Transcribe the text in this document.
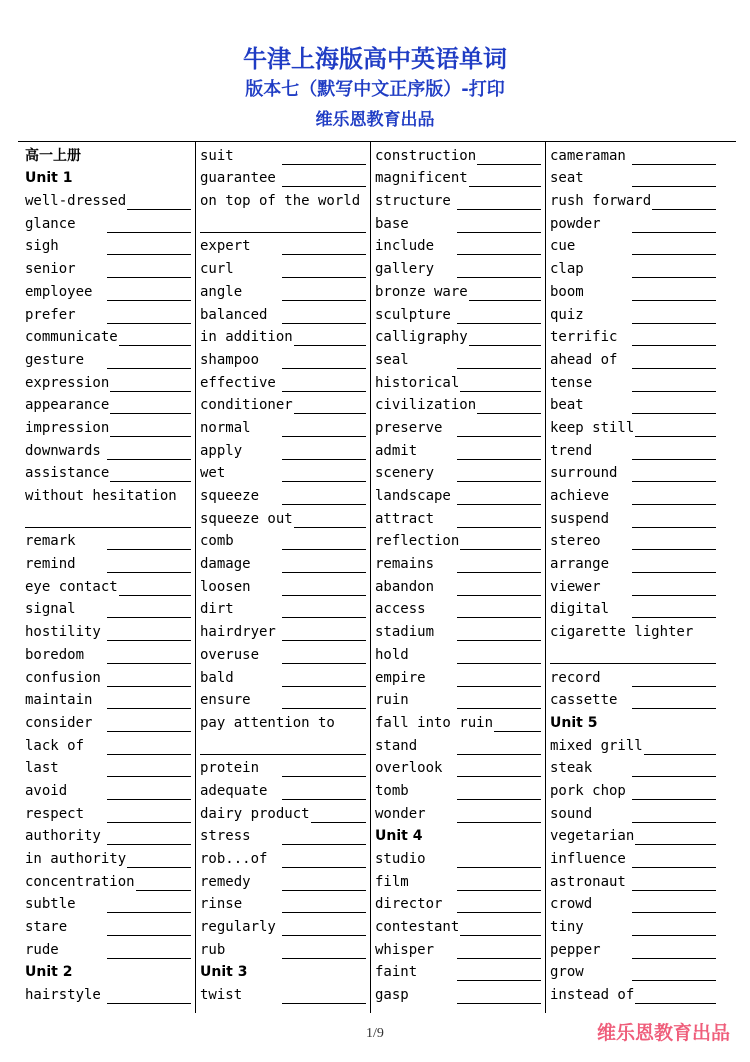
牛津上海版高中英语单词
版本七（默写中文正序版）-打印
维乐恩教育出品
高一上册
Unit 1
well-dressed
glance
sigh
senior
employee
prefer
communicate
gesture
expression
appearance
impression
downwards
assistance
without hesitation
remark
remind
eye contact
signal
hostility
boredom
confusion
maintain
consider
lack of
last
avoid
respect
authority
in authority
concentration
subtle
stare
rude
Unit 2
hairstyle
suit
guarantee
on top of the world
expert
curl
angle
balanced
in addition
shampoo
effective
conditioner
normal
apply
wet
squeeze
squeeze out
comb
damage
loosen
dirt
hairdryer
overuse
bald
ensure
pay attention to
protein
adequate
dairy product
stress
rob...of
remedy
rinse
regularly
rub
Unit 3
twist
construction
magnificent
structure
base
include
gallery
bronze ware
sculpture
calligraphy
seal
historical
civilization
preserve
admit
scenery
landscape
attract
reflection
remains
abandon
access
stadium
hold
empire
ruin
fall into ruin
stand
overlook
tomb
wonder
Unit 4
studio
film
director
contestant
whisper
faint
gasp
cameraman
seat
rush forward
powder
cue
clap
boom
quiz
terrific
ahead of
tense
beat
keep still
trend
surround
achieve
suspend
stereo
arrange
viewer
digital
cigarette lighter
record
cassette
Unit 5
mixed grill
steak
pork chop
sound
vegetarian
influence
astronaut
crowd
tiny
pepper
grow
instead of
1/9	维乐恩教育出品
